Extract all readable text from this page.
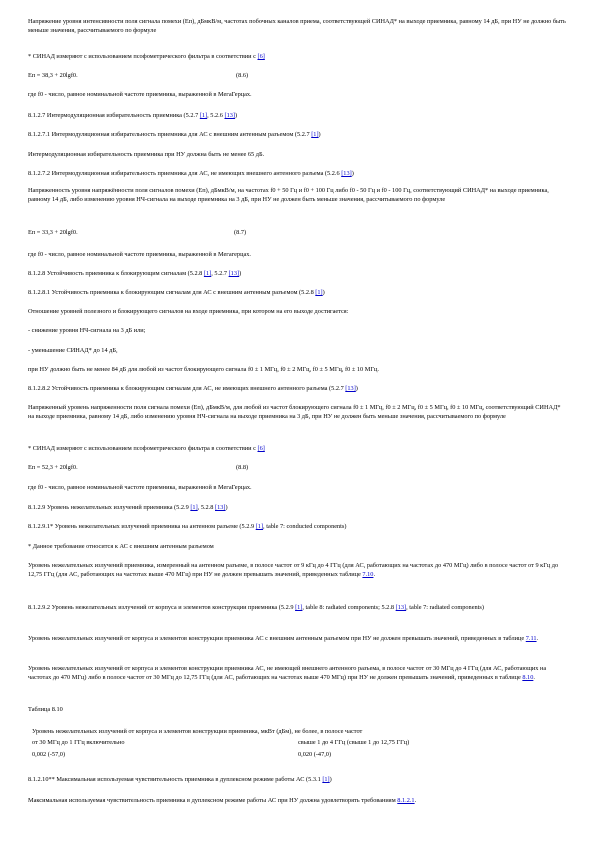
Напряжение уровня интенсивности поля сигнала помехи (Еп), дБмкВ/м, частотах побочных каналов приема, соответствующей СИНАД* на выходе приемника, равному 14 дБ, при НУ не должно быть меньше значения, рассчитываемого по формуле

* СИНАД измеряют с использованием псофометрического фильтра в соответствии с [6]

Еп = 38,3 + 20lgf0.	(8.6)

где f0 - число, равное номинальной частоте приемника, выраженной в МегаГерцах.

8.1.2.7 Интермодуляционная избирательность приемника (5.2.7 [1], 5.2.6 [13])

8.1.2.7.1 Интермодуляционная избирательность приемника для АС с внешним антенным разъемом (5.2.7 [1])

Интермодуляционная избирательность приемника при НУ должна быть не менее 65 дБ.

8.1.2.7.2 Интермодуляционная избирательность приемника для АС, не имеющих внешнего антенного разъема (5.2.6 [13])

Напряженность уровня напряжённости поля сигналов помехи (Еп), дБмкВ/м, на частотах f0 + 50 Гц и f0 + 100 Гц либо f0 - 50 Гц и f0 - 100 Гц, соответствующий СИНАД* на выходе приемника, равному 14 дБ, либо изменению уровня НЧ-сигнала на выходе приемника на 3 дБ, при НУ не должен быть меньше значения, рассчитываемого по формуле

Еп = 33,3 + 20lgf0.	(8.7)

где f0 - число, равное номинальной частоте приемника, выраженной в Мегагерцах.

8.1.2.8 Устойчивость приемника к блокирующим сигналам (5.2.8 [1], 5.2.7 [13])

8.1.2.8.1 Устойчивость приемника к блокирующим сигналам для АС с внешним антенным разъемом (5.2.8 [1])

Отношение уровней полезного и блокирующего сигналов на входе приемника, при котором на его выходе достигается:

- снижение уровня НЧ-сигнала на 3 дБ или;

- уменьшение СИНАД* до 14 дБ,

при НУ должно быть не менее 84 дБ для любой из частот блокирующего сигнала f0 ± 1 МГц, f0 ± 2 МГц, f0 ± 5 МГц, f0 ± 10 МГц.

8.1.2.8.2 Устойчивость приемника к блокирующим сигналам для АС, не имеющих внешнего антенного разъема (5.2.7 [13])

Напряженный уровень напряженности поля сигнала помехи (Еп), дБмкВ/м, для любой из частот блокирующего сигнала f0 ± 1 МГц, f0 ± 2 МГц, f0 ± 5 МГц, f0 ± 10 МГц, соответствующий СИНАД* на выходе приемника, равному 14 дБ, либо изменению уровня НЧ-сигнала на выходе приемника на 3 дБ, при НУ не должен быть меньше значения, рассчитываемого по формуле

* СИНАД измеряют с использованием псофометрического фильтра в соответствии с [6]

Еп = 52,3 + 20lgf0.	(8.8)

где f0 - число, равное номинальной частоте приемника, выраженной в МегаГерцах.

8.1.2.9 Уровень нежелательных излучений приемника (5.2.9 [1], 5.2.8 [13])

8.1.2.9.1* Уровень нежелательных излучений приемника на антенном разъеме (5.2.9 [1], table 7: conducted components)

* Данное требование относится к АС с внешним антенным разъемом

Уровень нежелательных излучений приемника, измеренный на антенном разъеме, в полосе частот от 9 кГц до 4 ГГц (для АС, работающих на частотах до 470 МГц) либо в полосе частот от 9 кГц до 12,75 ГГц (для АС, работающих на частотах выше 470 МГц) при НУ не должен превышать значений, приведенных таблице 7.10.

8.1.2.9.2 Уровень нежелательных излучений от корпуса и элементов конструкции приемника (5.2.9 [1], table 8: radiated components; 5.2.8 [13], table 7: radiated components)

Уровень нежелательных излучений от корпуса и элементов конструкции приемника АС с внешним антенным разъемом при НУ не должен превышать значений, приведенных в таблице 7.11.

Уровень нежелательных излучений от корпуса и элементов конструкции приемника АС, не имеющей внешнего антенного разъема, в полосе частот от 30 МГц до 4 ГГц (для АС, работающих на частотах до 470 МГц) либо в полосе частот от 30 МГц до 12,75 ГГц (для АС, работающих на частотах выше 470 МГц) при НУ не должен превышать значений, приведенных в таблице 8.10.

Таблица 8.10

Уровень нежелательных излучений от корпуса и элементов конструкции приемника, мкВт (дБм), не более, в полосе частот
от 30 МГц до 1 ГГц включительно	свыше 1 до 4 ГГц (свыше 1 до 12,75 ГГц)
0,002 (-57,0)	0,020 (-47,0)

8.1.2.10** Максимальная используемая чувствительность приемника в дуплексном режиме работы АС (5.3.1 [1])

Максимальная используемая чувствительность приемника в дуплексном режиме работы АС при НУ должна удовлетворять требованиям 8.1.2.1.
